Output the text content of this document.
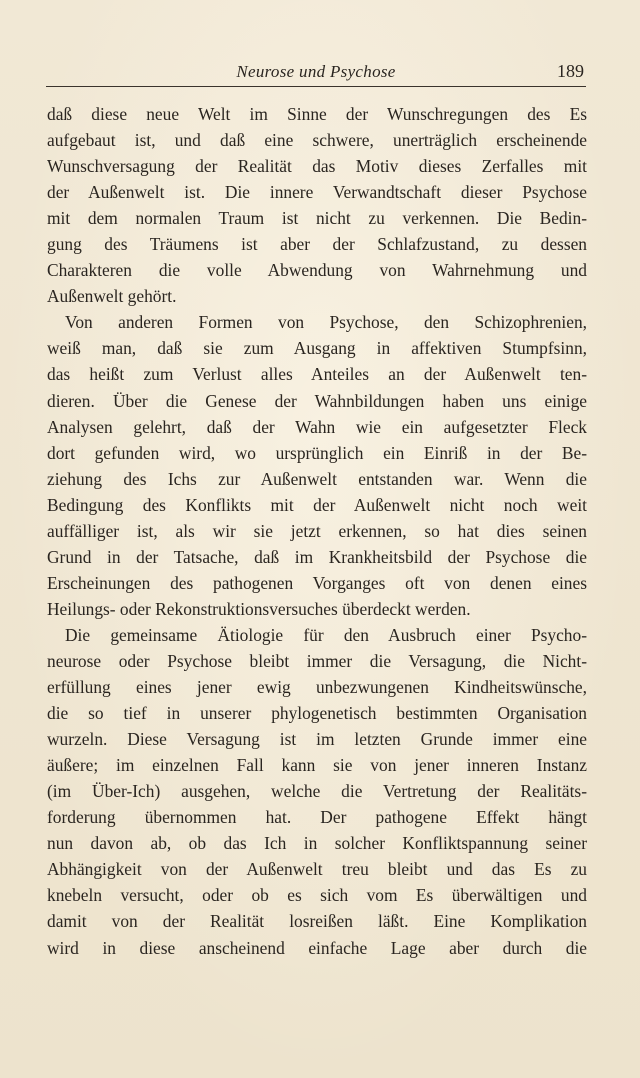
Neurose und Psychose	189
daß diese neue Welt im Sinne der Wunschregungen des Es
aufgebaut ist, und daß eine schwere, unerträglich erscheinende
Wunschversagung der Realität das Motiv dieses Zerfalles mit
der Außenwelt ist. Die innere Verwandtschaft dieser Psychose
mit dem normalen Traum ist nicht zu verkennen. Die Bedin-
gung des Träumens ist aber der Schlafzustand, zu dessen
Charakteren die volle Abwendung von Wahrnehmung und
Außenwelt gehört.
Von anderen Formen von Psychose, den Schizophrenien,
weiß man, daß sie zum Ausgang in affektiven Stumpfsinn,
das heißt zum Verlust alles Anteiles an der Außenwelt ten-
dieren. Über die Genese der Wahnbildungen haben uns einige
Analysen gelehrt, daß der Wahn wie ein aufgesetzter Fleck
dort gefunden wird, wo ursprünglich ein Einriß in der Be-
ziehung des Ichs zur Außenwelt entstanden war. Wenn die
Bedingung des Konflikts mit der Außenwelt nicht noch weit
auffälliger ist, als wir sie jetzt erkennen, so hat dies seinen
Grund in der Tatsache, daß im Krankheitsbild der Psychose die
Erscheinungen des pathogenen Vorganges oft von denen eines
Heilungs- oder Rekonstruktionsversuches überdeckt werden.
Die gemeinsame Ätiologie für den Ausbruch einer Psycho-
neurose oder Psychose bleibt immer die Versagung, die Nicht-
erfüllung eines jener ewig unbezwungenen Kindheitswünsche,
die so tief in unserer phylogenetisch bestimmten Organisation
wurzeln. Diese Versagung ist im letzten Grunde immer eine
äußere; im einzelnen Fall kann sie von jener inneren Instanz
(im Über-Ich) ausgehen, welche die Vertretung der Realitäts-
forderung übernommen hat. Der pathogene Effekt hängt
nun davon ab, ob das Ich in solcher Konfliktspannung seiner
Abhängigkeit von der Außenwelt treu bleibt und das Es zu
knebeln versucht, oder ob es sich vom Es überwältigen und
damit von der Realität losreißen läßt. Eine Komplikation
wird in diese anscheinend einfache Lage aber durch die
